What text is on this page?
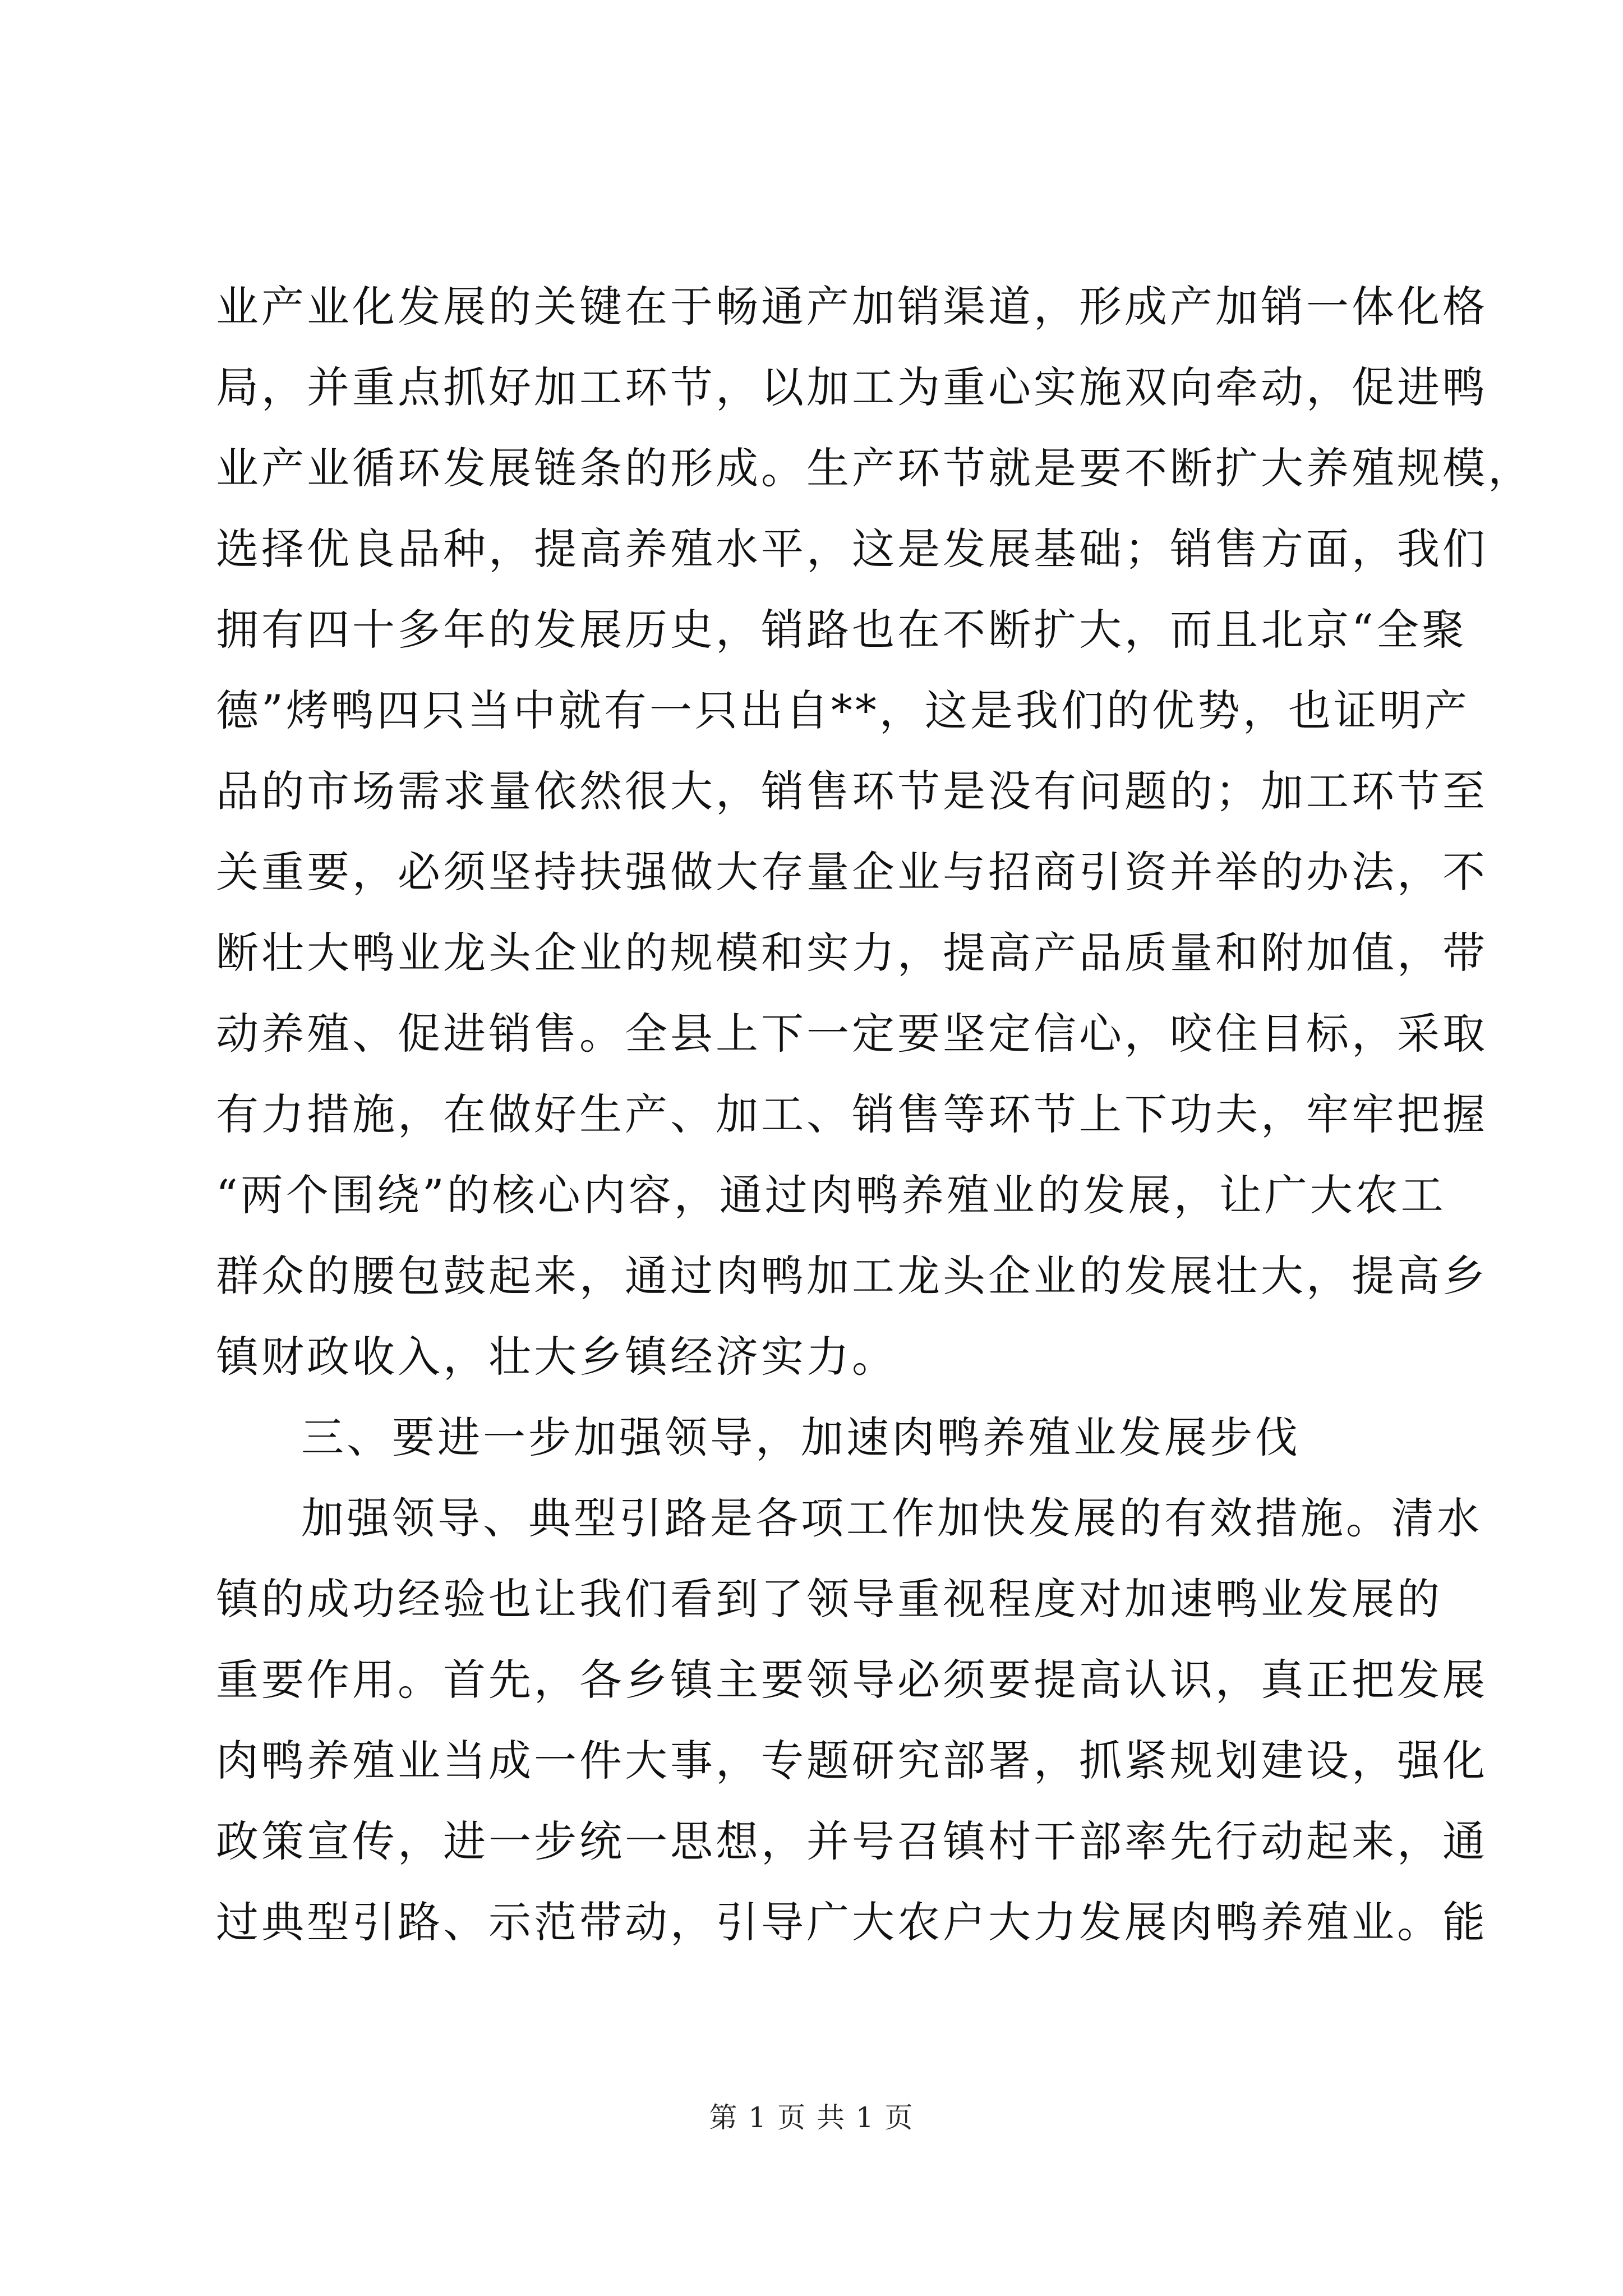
业产业化发展的关键在于畅通产加销渠道，形成产加销一体化格
局，并重点抓好加工环节，以加工为重心实施双向牵动，促进鸭
业产业循环发展链条的形成。生产环节就是要不断扩大养殖规模，
选择优良品种，提高养殖水平，这是发展基础；销售方面，我们
拥有四十多年的发展历史，销路也在不断扩大，而且北京“全聚
德”烤鸭四只当中就有一只出自**，这是我们的优势，也证明产
品的市场需求量依然很大，销售环节是没有问题的；加工环节至
关重要，必须坚持扶强做大存量企业与招商引资并举的办法，不
断壮大鸭业龙头企业的规模和实力，提高产品质量和附加值，带
动养殖、促进销售。全县上下一定要坚定信心，咬住目标，采取
有力措施，在做好生产、加工、销售等环节上下功夫，牢牢把握
“两个围绕”的核心内容，通过肉鸭养殖业的发展，让广大农工
群众的腰包鼓起来，通过肉鸭加工龙头企业的发展壮大，提高乡
镇财政收入，壮大乡镇经济实力。
三、要进一步加强领导，加速肉鸭养殖业发展步伐
加强领导、典型引路是各项工作加快发展的有效措施。清水
镇的成功经验也让我们看到了领导重视程度对加速鸭业发展的
重要作用。首先，各乡镇主要领导必须要提高认识，真正把发展
肉鸭养殖业当成一件大事，专题研究部署，抓紧规划建设，强化
政策宣传，进一步统一思想，并号召镇村干部率先行动起来，通
过典型引路、示范带动，引导广大农户大力发展肉鸭养殖业。能
第 1 页 共 1 页
